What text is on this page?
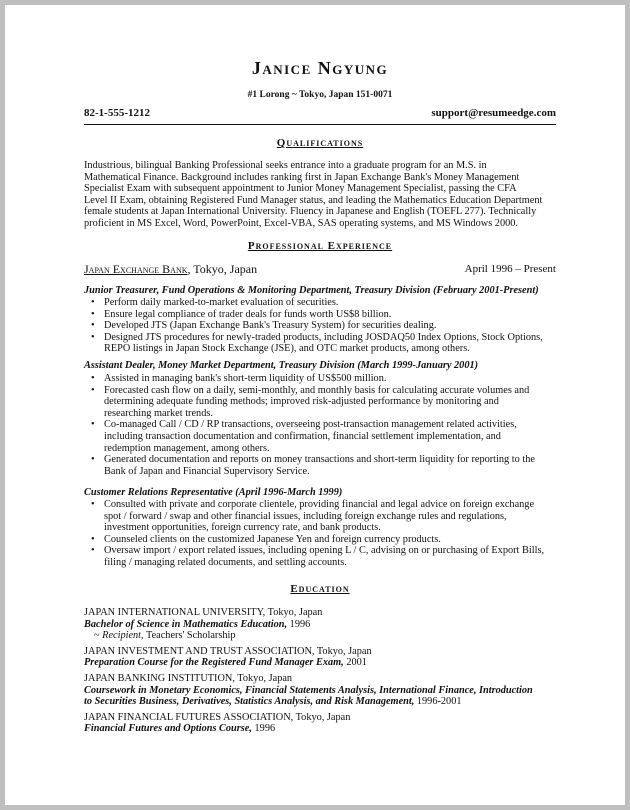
Janice Ngyung
#1 Lorong ~ Tokyo, Japan 151-0071
82-1-555-1212	support@resumeedge.com
Qualifications
Industrious, bilingual Banking Professional seeks entrance into a graduate program for an M.S. in
Mathematical Finance. Background includes ranking first in Japan Exchange Bank's Money Management
Specialist Exam with subsequent appointment to Junior Money Management Specialist, passing the CFA
Level II Exam, obtaining Registered Fund Manager status, and leading the Mathematics Education Department
female students at Japan International University. Fluency in Japanese and English (TOEFL 277). Technically
proficient in MS Excel, Word, PowerPoint, Excel-VBA, SAS operating systems, and MS Windows 2000.
Professional Experience
Japan Exchange Bank, Tokyo, Japan	April 1996 – Present
Junior Treasurer, Fund Operations & Monitoring Department, Treasury Division (February 2001-Present)
• Perform daily marked-to-market evaluation of securities.
• Ensure legal compliance of trader deals for funds worth US$8 billion.
• Developed JTS (Japan Exchange Bank's Treasury System) for securities dealing.
• Designed JTS procedures for newly-traded products, including JOSDAQ50 Index Options, Stock Options,
REPO listings in Japan Stock Exchange (JSE), and OTC market products, among others.
Assistant Dealer, Money Market Department, Treasury Division (March 1999-January 2001)
• Assisted in managing bank's short-term liquidity of US$500 million.
• Forecasted cash flow on a daily, semi-monthly, and monthly basis for calculating accurate volumes and
determining adequate funding methods; improved risk-adjusted performance by monitoring and
researching market trends.
• Co-managed Call / CD / RP transactions, overseeing post-transaction management related activities,
including transaction documentation and confirmation, financial settlement implementation, and
redemption management, among others.
• Generated documentation and reports on money transactions and short-term liquidity for reporting to the
Bank of Japan and Financial Supervisory Service.
Customer Relations Representative (April 1996-March 1999)
• Consulted with private and corporate clientele, providing financial and legal advice on foreign exchange
spot / forward / swap and other financial issues, including foreign exchange rules and regulations,
investment opportunities, foreign currency rate, and bank products.
• Counseled clients on the customized Japanese Yen and foreign currency products.
• Oversaw import / export related issues, including opening L / C, advising on or purchasing of Export Bills,
filing / managing related documents, and settling accounts.
Education
JAPAN INTERNATIONAL UNIVERSITY, Tokyo, Japan
Bachelor of Science in Mathematics Education, 1996
~ Recipient, Teachers' Scholarship
JAPAN INVESTMENT AND TRUST ASSOCIATION, Tokyo, Japan
Preparation Course for the Registered Fund Manager Exam, 2001
JAPAN BANKING INSTITUTION, Tokyo, Japan
Coursework in Monetary Economics, Financial Statements Analysis, International Finance, Introduction
to Securities Business, Derivatives, Statistics Analysis, and Risk Management, 1996-2001
JAPAN FINANCIAL FUTURES ASSOCIATION, Tokyo, Japan
Financial Futures and Options Course, 1996
